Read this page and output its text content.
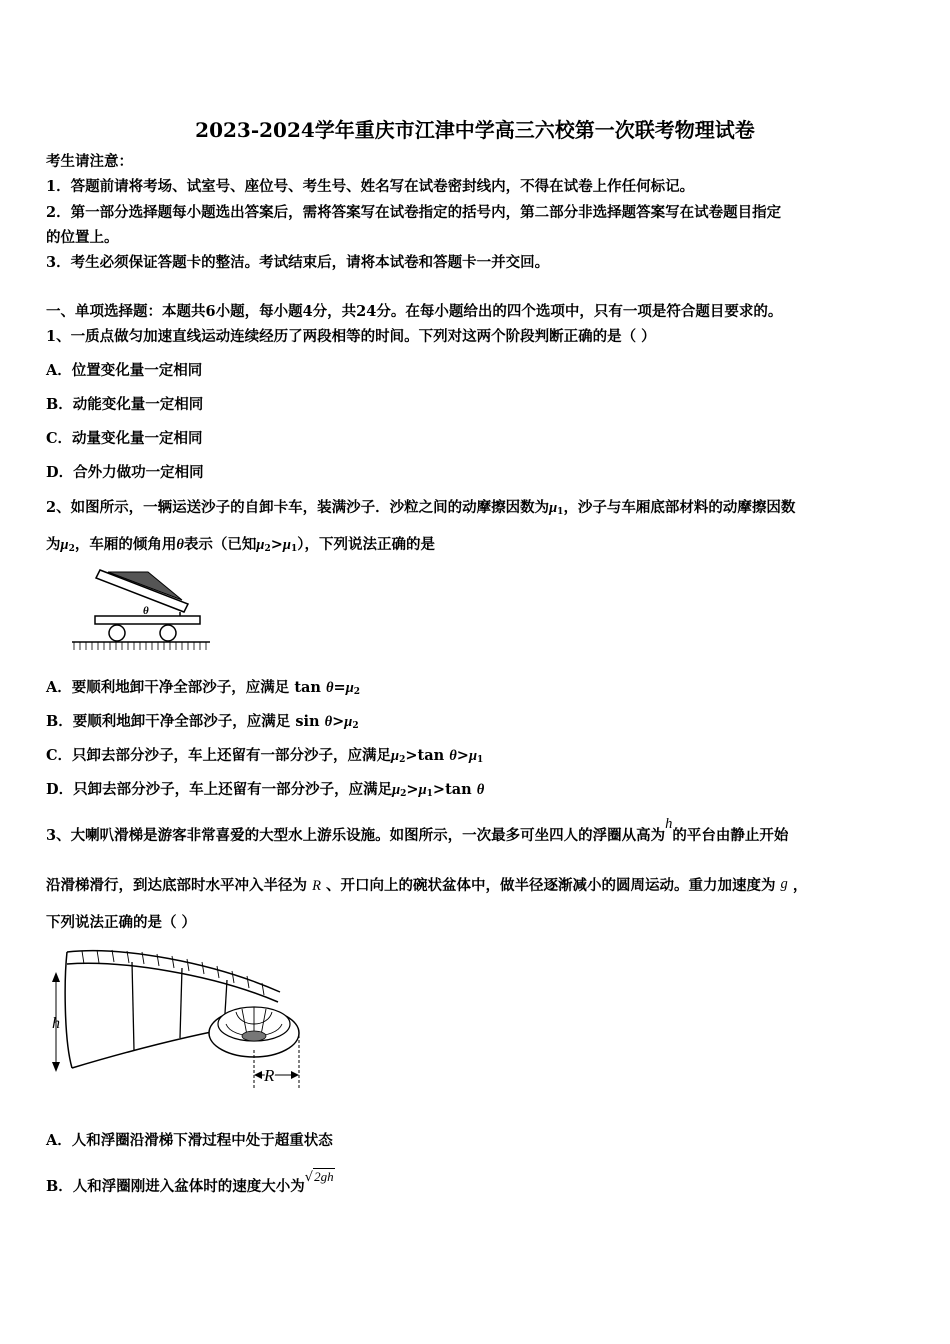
2023-2024学年重庆市江津中学高三六校第一次联考物理试卷
考生请注意：
1．答题前请将考场、试室号、座位号、考生号、姓名写在试卷密封线内，不得在试卷上作任何标记。
2．第一部分选择题每小题选出答案后，需将答案写在试卷指定的括号内，第二部分非选择题答案写在试卷题目指定
的位置上。
3．考生必须保证答题卡的整洁。考试结束后，请将本试卷和答题卡一并交回。
一、单项选择题：本题共6小题，每小题4分，共24分。在每小题给出的四个选项中，只有一项是符合题目要求的。
1、一质点做匀加速直线运动连续经历了两段相等的时间。下列对这两个阶段判断正确的是（ ）
A．位置变化量一定相同
B．动能变化量一定相同
C．动量变化量一定相同
D．合外力做功一定相同
2、如图所示，一辆运送沙子的自卸卡车，装满沙子．沙粒之间的动摩擦因数为$\mu_1$，沙子与车厢底部材料的动摩擦因数
为$\mu_2$，车厢的倾角用θ表示（已知$\mu_2>\mu_1$），下列说法正确的是
θ
A．要顺利地卸干净全部沙子，应满足 $\tan \theta=\mu_2$
B．要顺利地卸干净全部沙子，应满足 $\sin \theta>\mu_2$
C．只卸去部分沙子，车上还留有一部分沙子，应满足$\mu_2>\tan$ $\theta>\mu_1$
D．只卸去部分沙子，车上还留有一部分沙子，应满足$\mu_2>\mu_1>\tan$ θ
3、大喇叭滑梯是游客非常喜爱的大型水上游乐设施。如图所示，一次最多可坐四人的浮圈从高为h的平台由静止开始
沿滑梯滑行，到达底部时水平冲入半径为 R 、开口向上的碗状盆体中，做半径逐渐减小的圆周运动。重力加速度为 g ，
下列说法正确的是（ ）
h
R
A．人和浮圈沿滑梯下滑过程中处于超重状态
B．人和浮圈刚进入盆体时的速度大小为√2gh
